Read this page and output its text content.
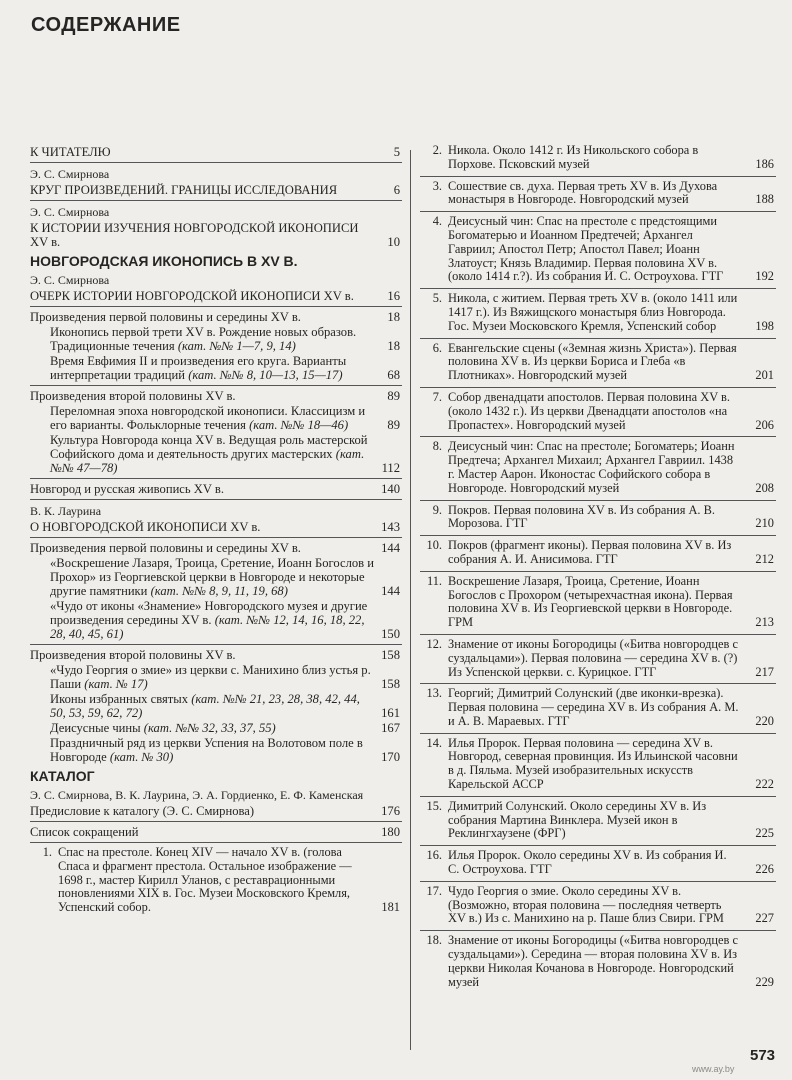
СОДЕРЖАНИЕ
К ЧИТАТЕЛЮ	5
Э. С. Смирнова
КРУГ ПРОИЗВЕДЕНИЙ. ГРАНИЦЫ ИССЛЕДОВАНИЯ	6
Э. С. Смирнова
К ИСТОРИИ ИЗУЧЕНИЯ НОВГОРОДСКОЙ ИКОНОПИСИ XV в.	10
НОВГОРОДСКАЯ ИКОНОПИСЬ В XV В.
Э. С. Смирнова
ОЧЕРК ИСТОРИИ НОВГОРОДСКОЙ ИКОНОПИСИ XV в.	16
Произведения первой половины и середины XV в.	18
Иконопись первой трети XV в. Рождение новых образов. Традиционные течения (кат. №№ 1—7, 9, 14)	18
Время Евфимия II и произведения его круга. Варианты интерпретации традиций (кат. №№ 8, 10—13, 15—17)	68
Произведения второй половины XV в.	89
Переломная эпоха новгородской иконописи. Классицизм и его варианты. Фольклорные течения (кат. №№ 18—46)	89
Культура Новгорода конца XV в. Ведущая роль мастерской Софийского дома и деятельность других мастерских (кат. №№ 47—78)	112
Новгород и русская живопись XV в.	140
В. К. Лаурина
О НОВГОРОДСКОЙ ИКОНОПИСИ XV в.	143
Произведения первой половины и середины XV в.	144
«Воскрешение Лазаря, Троица, Сретение, Иоанн Богослов и Прохор» из Георгиевской церкви в Новгороде и некоторые другие памятники (кат. №№ 8, 9, 11, 19, 68)	144
«Чудо от иконы «Знамение» Новгородского музея и другие произведения середины XV в. (кат. №№ 12, 14, 16, 18, 22, 28, 40, 45, 61)	150
Произведения второй половины XV в.	158
«Чудо Георгия о змие» из церкви с. Манихино близ устья р. Паши (кат. № 17)	158
Иконы избранных святых (кат. №№ 21, 23, 28, 38, 42, 44, 50, 53, 59, 62, 72)	161
Деисусные чины (кат. №№ 32, 33, 37, 55)	167
Праздничный ряд из церкви Успения на Волотовом поле в Новгороде (кат. № 30)	170
КАТАЛОГ
Э. С. Смирнова, В. К. Лаурина, Э. А. Гордиенко, Е. Ф. Каменская
Предисловие к каталогу (Э. С. Смирнова)	176
Список сокращений	180
1. Спас на престоле. Конец XIV — начало XV в. (голова Спаса и фрагмент престола. Остальное изображение — 1698 г., мастер Кирилл Уланов, с реставрационными поновлениями XIX в. Гос. Музеи Московского Кремля, Успенский собор.	181
2. Никола. Около 1412 г. Из Никольского собора в Порхове. Псковский музей	186
3. Сошествие св. духа. Первая треть XV в. Из Духова монастыря в Новгороде. Новгородский музей	188
4. Деисусный чин: Спас на престоле с предстоящими Богоматерью и Иоанном Предтечей; Архангел Гавриил; Апостол Петр; Апостол Павел; Иоанн Златоуст; Князь Владимир. Первая половина XV в. (около 1414 г.?). Из собрания И. С. Остроухова. ГТГ	192
5. Никола, с житием. Первая треть XV в. (около 1411 или 1417 г.). Из Вяжищского монастыря близ Новгорода. Гос. Музеи Московского Кремля, Успенский собор	198
6. Евангельские сцены («Земная жизнь Христа»). Первая половина XV в. Из церкви Бориса и Глеба «в Плотниках». Новгородский музей	201
7. Собор двенадцати апостолов. Первая половина XV в. (около 1432 г.). Из церкви Двенадцати апостолов «на Пропастех». Новгородский музей	206
8. Деисусный чин: Спас на престоле; Богоматерь; Иоанн Предтеча; Архангел Михаил; Архангел Гавриил. 1438 г. Мастер Аарон. Иконостас Софийского собора в Новгороде. Новгородский музей	208
9. Покров. Первая половина XV в. Из собрания А. В. Морозова. ГТГ	210
10. Покров (фрагмент иконы). Первая половина XV в. Из собрания А. И. Анисимова. ГТГ	212
11. Воскрешение Лазаря, Троица, Сретение, Иоанн Богослов с Прохором (четырехчастная икона). Первая половина XV в. Из Георгиевской церкви в Новгороде. ГРМ	213
12. Знамение от иконы Богородицы («Битва новгородцев с суздальцами»). Первая половина — середина XV в. (?) Из Успенской церкви. с. Курицкое. ГТГ	217
13. Георгий; Димитрий Солунский (две иконки-врезка). Первая половина — середина XV в. Из собрания А. М. и А. В. Мараевых. ГТГ	220
14. Илья Пророк. Первая половина — середина XV в. Новгород, северная провинция. Из Ильинской часовни в д. Пяльма. Музей изобразительных искусств Карельской АССР	222
15. Димитрий Солунский. Около середины XV в. Из собрания Мартина Винклера. Музей икон в Реклингхаузене (ФРГ)	225
16. Илья Пророк. Около середины XV в. Из собрания И. С. Остроухова. ГТГ	226
17. Чудо Георгия о змие. Около середины XV в. (Возможно, вторая половина — последняя четверть XV в.) Из с. Манихино на р. Паше близ Свири. ГРМ	227
18. Знамение от иконы Богородицы («Битва новгородцев с суздальцами»). Середина — вторая половина XV в. Из церкви Николая Кочанова в Новгороде. Новгородский музей	229
573
www.ay.by
